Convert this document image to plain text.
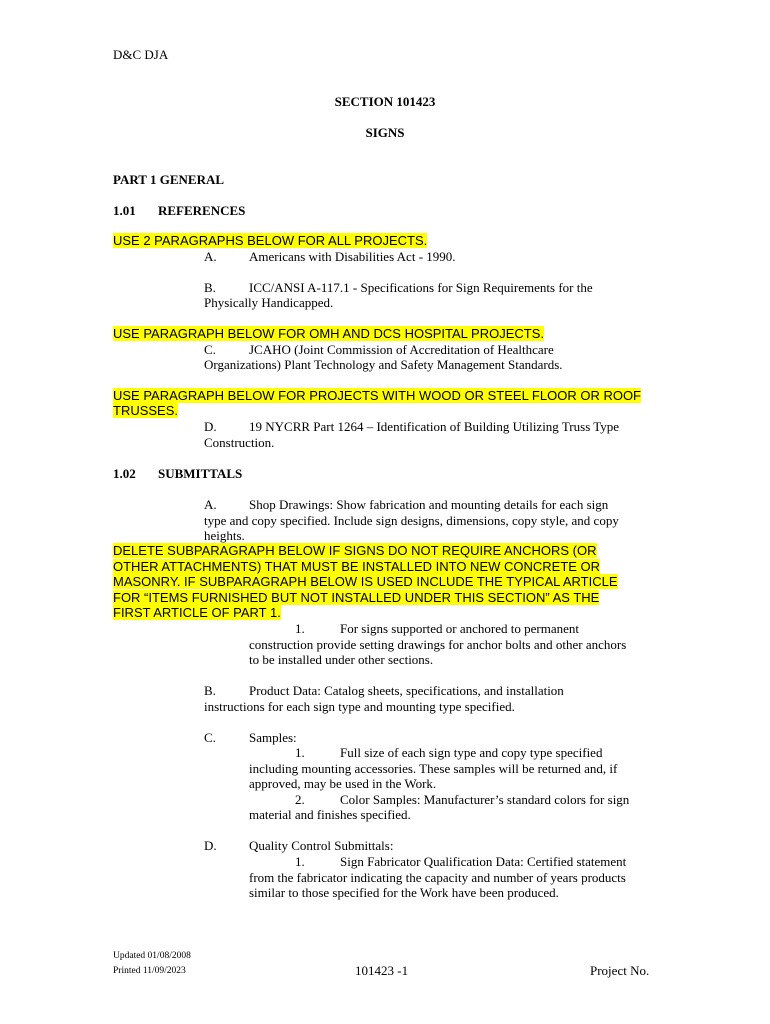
D&C DJA
SECTION 101423
SIGNS
PART 1 GENERAL
1.01 REFERENCES
USE 2 PARAGRAPHS BELOW FOR ALL PROJECTS.
A. Americans with Disabilities Act - 1990.
B.	ICC/ANSI A-117.1 - Specifications for Sign Requirements for the
Physically Handicapped.
USE PARAGRAPH BELOW FOR OMH AND DCS HOSPITAL PROJECTS.
C.	JCAHO (Joint Commission of Accreditation of Healthcare
Organizations) Plant Technology and Safety Management Standards.
USE PARAGRAPH BELOW FOR PROJECTS WITH WOOD OR STEEL FLOOR OR ROOF
TRUSSES.
D. 19 NYCRR Part 1264 – Identification of Building Utilizing Truss Type
Construction.
1.02 SUBMITTALS
A. Shop Drawings: Show fabrication and mounting details for each sign
type and copy specified. Include sign designs, dimensions, copy style, and copy
heights.
DELETE SUBPARAGRAPH BELOW IF SIGNS DO NOT REQUIRE ANCHORS (OR
OTHER ATTACHMENTS) THAT MUST BE INSTALLED INTO NEW CONCRETE OR
MASONRY. IF SUBPARAGRAPH BELOW IS USED INCLUDE THE TYPICAL ARTICLE
FOR “ITEMS FURNISHED BUT NOT INSTALLED UNDER THIS SECTION” AS THE
FIRST ARTICLE OF PART 1.
1.	For signs supported or anchored to permanent
construction provide setting drawings for anchor bolts and other anchors
to be installed under other sections.
B.	Product Data: Catalog sheets, specifications, and installation
instructions for each sign type and mounting type specified.
C.	Samples:
1.	Full size of each sign type and copy type specified
including mounting accessories. These samples will be returned and, if
approved, may be used in the Work.
2.	Color Samples: Manufacturer’s standard colors for sign
material and finishes specified.
D. Quality Control Submittals:
1.	Sign Fabricator Qualification Data: Certified statement
from the fabricator indicating the capacity and number of years products
similar to those specified for the Work have been produced.
Updated 01/08/2008
Printed 11/09/2023	101423 -1	Project No.
